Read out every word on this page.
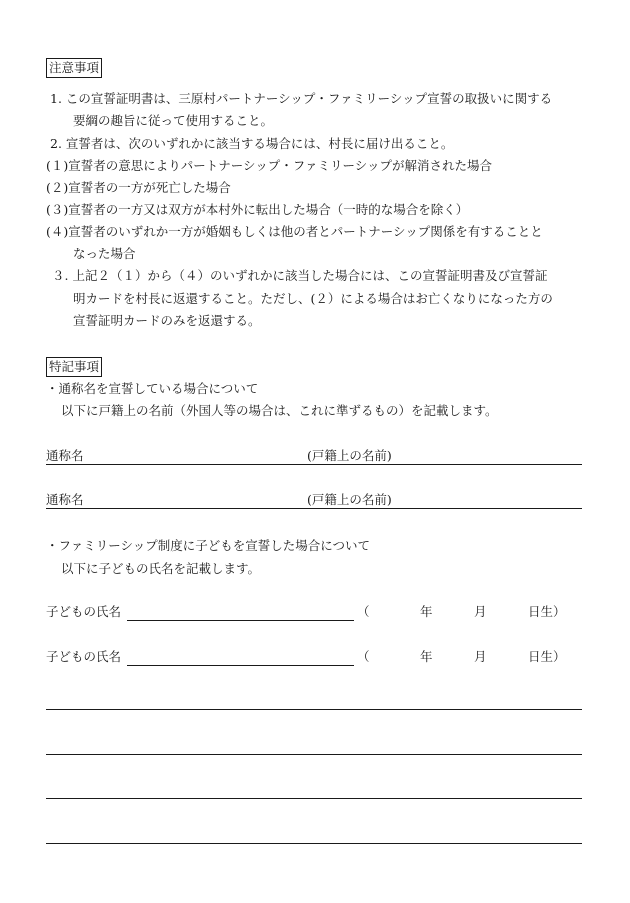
注意事項
1. この宣誓証明書は、三原村パートナーシップ・ファミリーシップ宣誓の取扱いに関する
要綱の趣旨に従って使用すること。
2. 宣誓者は、次のいずれかに該当する場合には、村長に届け出ること。
(１)宣誓者の意思によりパートナーシップ・ファミリーシップが解消された場合
(２)宣誓者の一方が死亡した場合
(３)宣誓者の一方又は双方が本村外に転出した場合（一時的な場合を除く）
(４)宣誓者のいずれか一方が婚姻もしくは他の者とパートナーシップ関係を有することと
なった場合
３. 上記２（１）から（４）のいずれかに該当した場合には、この宣誓証明書及び宣誓証
明カードを村長に返還すること。ただし、(２）による場合はお亡くなりになった方の
宣誓証明カードのみを返還する。
特記事項
・通称名を宣誓している場合について
以下に戸籍上の名前（外国人等の場合は、これに準ずるもの）を記載します。
通称名	(戸籍上の名前)
通称名	(戸籍上の名前)
・ファミリーシップ制度に子どもを宣誓した場合について
以下に子どもの氏名を記載します。
子どもの氏名	（	年	月	日生）
子どもの氏名	（	年	月	日生）
